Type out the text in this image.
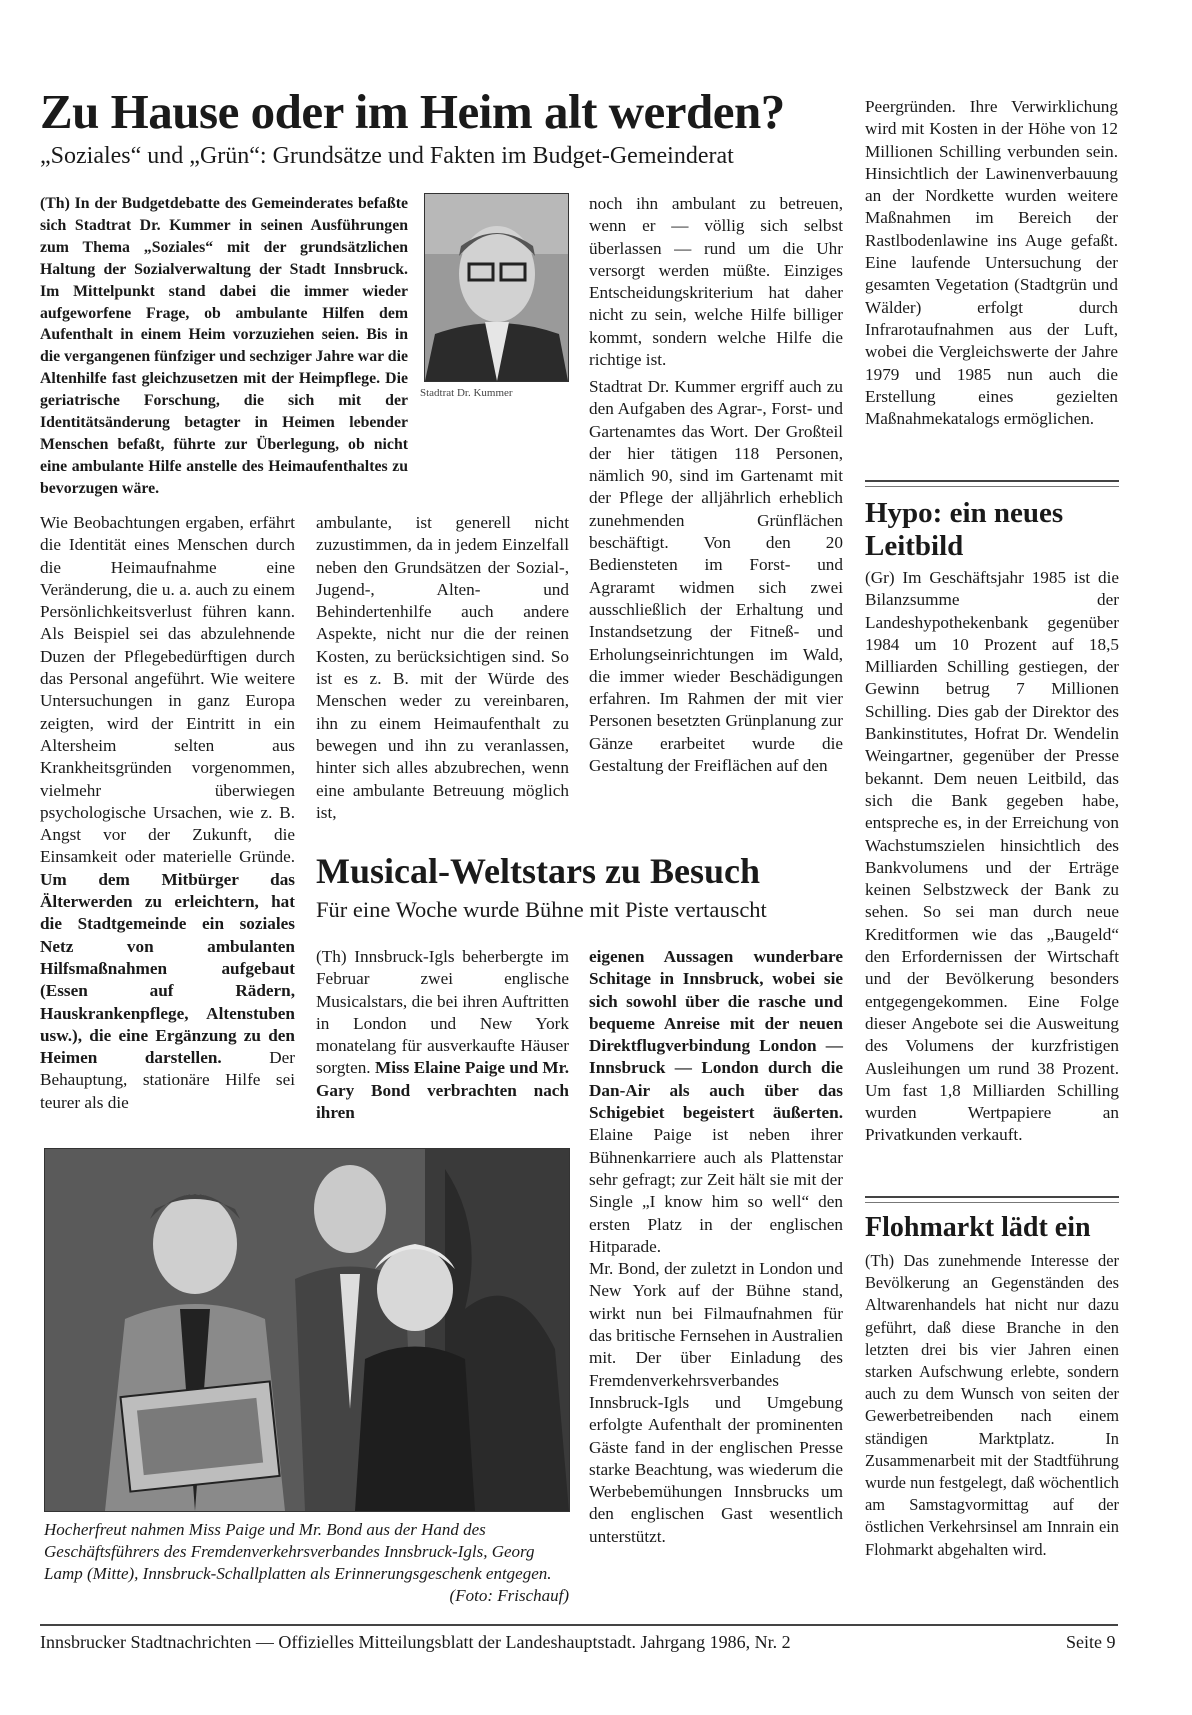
Zu Hause oder im Heim alt werden?

„Soziales“ und „Grün“: Grundsätze und Fakten im Budget-Gemeinderat

(Th) In der Budgetdebatte des Gemeinderates befaßte sich Stadtrat Dr. Kummer in seinen Ausführungen zum Thema „Soziales“ mit der grundsätzlichen Haltung der Sozialverwaltung der Stadt Innsbruck. Im Mittelpunkt stand dabei die immer wieder aufgeworfene Frage, ob ambulante Hilfen dem Aufenthalt in einem Heim vorzuziehen seien. Bis in die vergangenen fünfziger und sechziger Jahre war die Altenhilfe fast gleichzusetzen mit der Heimpflege. Die geriatrische Forschung, die sich mit der Identitätsänderung betagter in Heimen lebender Menschen befaßt, führte zur Überlegung, ob nicht eine ambulante Hilfe anstelle des Heimaufenthaltes zu bevorzugen wäre.

Stadtrat Dr. Kummer

Wie Beobachtungen ergaben, erfährt die Identität eines Menschen durch die Heimaufnahme eine Veränderung, die u. a. auch zu einem Persönlichkeitsverlust führen kann. Als Beispiel sei das abzulehnende Duzen der Pflegebedürftigen durch das Personal angeführt. Wie weitere Untersuchungen in ganz Europa zeigten, wird der Eintritt in ein Altersheim selten aus Krankheitsgründen vorgenommen, vielmehr überwiegen psychologische Ursachen, wie z. B. Angst vor der Zukunft, die Einsamkeit oder materielle Gründe. Um dem Mitbürger das Älterwerden zu erleichtern, hat die Stadtgemeinde ein soziales Netz von ambulanten Hilfsmaßnahmen aufgebaut (Essen auf Rädern, Hauskrankenpflege, Altenstuben usw.), die eine Ergänzung zu den Heimen darstellen.	Der Behauptung, stationäre Hilfe sei teurer als die

ambulante, ist generell nicht zuzustimmen, da in jedem Einzelfall neben den Grundsätzen der Sozial-, Jugend-, Alten- und Behindertenhilfe auch andere Aspekte, nicht nur die der reinen Kosten, zu berücksichtigen sind. So ist es z. B. mit der Würde des Menschen weder zu vereinbaren, ihn zu einem Heimaufenthalt zu bewegen und ihn zu veranlassen, hinter sich alles abzubrechen, wenn eine ambulante Betreuung möglich ist,

noch ihn ambulant zu betreuen, wenn er — völlig sich selbst überlassen — rund um die Uhr versorgt werden müßte. Einziges Entscheidungskriterium hat daher nicht zu sein, welche Hilfe billiger kommt, sondern welche Hilfe die richtige ist.

Stadtrat Dr. Kummer ergriff auch zu den Aufgaben des Agrar-, Forst- und Gartenamtes das Wort. Der Großteil der hier tätigen 118 Personen, nämlich 90, sind im Gartenamt mit der Pflege der alljährlich erheblich zunehmenden Grünflächen beschäftigt. Von den 20 Bediensteten im Forst- und Agraramt widmen sich zwei ausschließlich der Erhaltung und Instandsetzung der Fitneß- und Erholungseinrichtungen im Wald, die immer wieder Beschädigungen erfahren. Im Rahmen der mit vier Personen besetzten Grünplanung zur Gänze erarbeitet wurde die Gestaltung der Freiflächen auf den

Peergründen. Ihre Verwirklichung wird mit Kosten in der Höhe von 12 Millionen Schilling verbunden sein. Hinsichtlich der Lawinenverbauung an der Nordkette wurden weitere Maßnahmen im Bereich der Rastlbodenlawine ins Auge gefaßt. Eine laufende Untersuchung der gesamten Vegetation (Stadtgrün und Wälder) erfolgt durch Infrarotaufnahmen aus der Luft, wobei die Vergleichswerte der Jahre 1979 und 1985 nun auch die Erstellung eines gezielten Maßnahmekatalogs ermöglichen.

Musical-Weltstars zu Besuch

Für eine Woche wurde Bühne mit Piste vertauscht

(Th) Innsbruck-Igls beherbergte im Februar zwei englische Musicalstars, die bei ihren Auftritten in London und New York monatelang für ausverkaufte Häuser sorgten. Miss Elaine Paige und Mr. Gary Bond verbrachten nach ihren

eigenen Aussagen wunderbare Schitage in Innsbruck, wobei sie sich sowohl über die rasche und bequeme Anreise mit der neuen Direktflugverbindung London — Innsbruck — London durch die Dan-Air als auch über das Schigebiet begeistert äußerten. Elaine Paige ist neben ihrer Bühnenkarriere auch als Plattenstar sehr gefragt; zur Zeit hält sie mit der Single „I know him so well“ den ersten Platz in der englischen Hitparade.
Mr. Bond, der zuletzt in London und New York auf der Bühne stand, wirkt nun bei Filmaufnahmen für das britische Fernsehen in Australien mit. Der über Einladung des Fremdenverkehrsverbandes Innsbruck-Igls und Umgebung erfolgte Aufenthalt der prominenten Gäste fand in der englischen Presse starke Beachtung, was wiederum die Werbebemühungen Innsbrucks um den englischen Gast wesentlich unterstützt.

Hocherfreut nahmen Miss Paige und Mr. Bond aus der Hand des Geschäftsführers des Fremdenverkehrsverbandes Innsbruck-Igls, Georg Lamp (Mitte), Innsbruck-Schallplatten als Erinnerungsgeschenk entgegen.
(Foto: Frischauf)

Hypo: ein neues Leitbild

(Gr) Im Geschäftsjahr 1985 ist die Bilanzsumme der Landeshypothekenbank gegenüber 1984 um 10 Prozent auf 18,5 Milliarden Schilling gestiegen, der Gewinn betrug 7 Millionen Schilling. Dies gab der Direktor des Bankinstitutes, Hofrat Dr. Wendelin Weingartner, gegenüber der Presse bekannt. Dem neuen Leitbild, das sich die Bank gegeben habe, entspreche es, in der Erreichung von Wachstumszielen hinsichtlich des Bankvolumens und der Erträge keinen Selbstzweck der Bank zu sehen. So sei man durch neue Kreditformen wie das „Baugeld“ den Erfordernissen der Wirtschaft und der Bevölkerung besonders entgegengekommen. Eine Folge dieser Angebote sei die Ausweitung des Volumens der kurzfristigen Ausleihungen um rund 38 Prozent. Um fast 1,8 Milliarden Schilling wurden Wertpapiere an Privatkunden verkauft.

Flohmarkt lädt ein

(Th) Das zunehmende Interesse der Bevölkerung an Gegenständen des Altwarenhandels hat nicht nur dazu geführt, daß diese Branche in den letzten drei bis vier Jahren einen starken Aufschwung erlebte, sondern auch zu dem Wunsch von seiten der Gewerbetreibenden nach einem ständigen Marktplatz. In Zusammenarbeit mit der Stadtführung wurde nun festgelegt, daß wöchentlich am Samstagvormittag auf der östlichen Verkehrsinsel am Innrain ein Flohmarkt abgehalten wird.

Innsbrucker Stadtnachrichten — Offizielles Mitteilungsblatt der Landeshauptstadt. Jahrgang 1986, Nr. 2	Seite 9
